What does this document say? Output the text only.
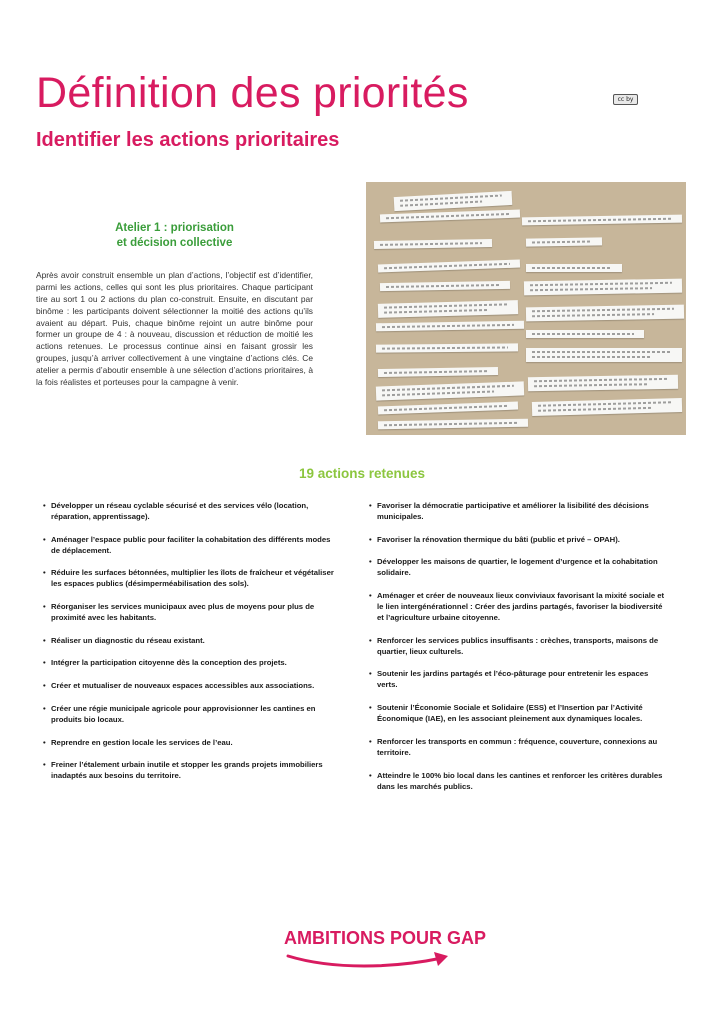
Définition des priorités	cc by
Identifier les actions prioritaires
Atelier 1 : priorisation
et décision collective

Après avoir construit ensemble un plan d’actions, l’objectif est d’identifier, parmi les actions, celles qui sont les plus prioritaires. Chaque participant tire au sort 1 ou 2 actions du plan co-construit. Ensuite, en discutant par binôme : les participants doivent sélectionner la moitié des actions qu’ils avaient au départ. Puis, chaque binôme rejoint un autre binôme pour former un groupe de 4 : à nouveau, discussion et réduction de moitié les actions retenues. Le processus continue ainsi en faisant grossir les groupes, jusqu’à arriver collectivement à une vingtaine d’actions clés. Ce atelier a permis d’aboutir ensemble à une sélection d’actions prioritaires, à la fois réalistes et porteuses pour la campagne à venir.

19 actions retenues
• Développer un réseau cyclable sécurisé et des services vélo (location, réparation, apprentissage).
• Aménager l’espace public pour faciliter la cohabitation des différents modes de déplacement.
• Réduire les surfaces bétonnées, multiplier les îlots de fraîcheur et végétaliser les espaces publics (désimperméabilisation des sols).
• Réorganiser les services municipaux avec plus de moyens pour plus de proximité avec les habitants.
• Réaliser un diagnostic du réseau existant.
• Intégrer la participation citoyenne dès la conception des projets.
• Créer et mutualiser de nouveaux espaces accessibles aux associations.
• Créer une régie municipale agricole pour approvisionner les cantines en produits bio locaux.
• Reprendre en gestion locale les services de l’eau.
• Freiner l’étalement urbain inutile et stopper les grands projets immobiliers inadaptés aux besoins du territoire.
• Favoriser la démocratie participative et améliorer la lisibilité des décisions municipales.
• Favoriser la rénovation thermique du bâti (public et privé – OPAH).
• Développer les maisons de quartier, le logement d’urgence et la cohabitation solidaire.
• Aménager et créer de nouveaux lieux conviviaux favorisant la mixité sociale et le lien intergénérationnel : Créer des jardins partagés, favoriser la biodiversité et l’agriculture urbaine citoyenne.
• Renforcer les services publics insuffisants : crèches, transports, maisons de quartier, lieux culturels.
• Soutenir les jardins partagés et l’éco-pâturage pour entretenir les espaces verts.
• Soutenir l’Économie Sociale et Solidaire (ESS) et l’Insertion par l’Activité Économique (IAE), en les associant pleinement aux dynamiques locales.
• Renforcer les transports en commun : fréquence, couverture, connexions au territoire.
• Atteindre le 100% bio local dans les cantines et renforcer les critères durables dans les marchés publics.
AMBITIONS POUR GAP
